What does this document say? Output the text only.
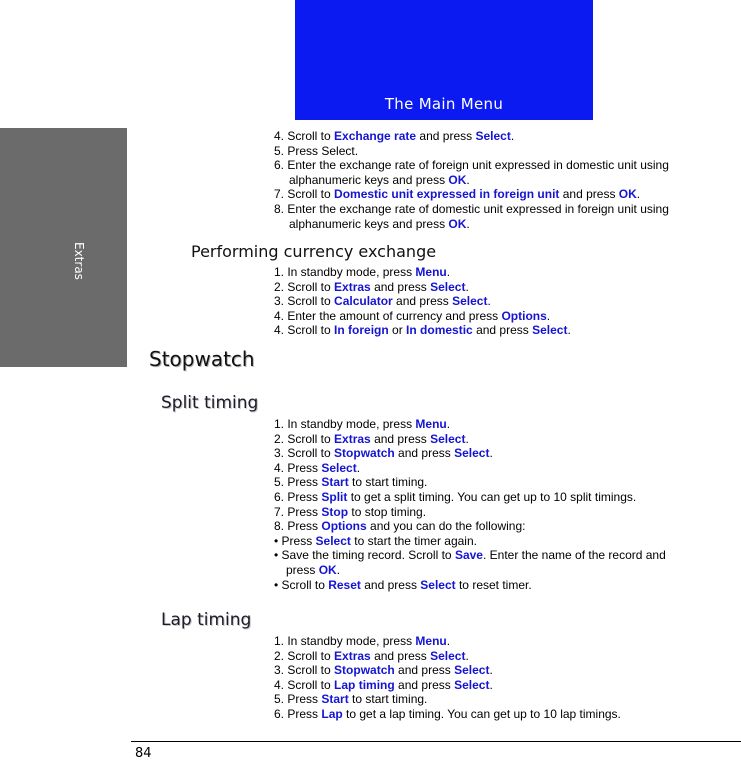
The Main Menu
Extras	Performing currency exchange
Stopwatch
Split timing
Lap timing
84
4. Scroll to Exchange rate and press Select.
5. Press Select.
6. Enter the exchange rate of foreign unit expressed in domestic unit using
alphanumeric keys and press OK.
7. Scroll to Domestic unit expressed in foreign unit and press OK.
8. Enter the exchange rate of domestic unit expressed in foreign unit using
alphanumeric keys and press OK.
1. In standby mode, press Menu.
2. Scroll to Extras and press Select.
3. Scroll to Calculator and press Select.
4. Enter the amount of currency and press Options.
4. Scroll to In foreign or In domestic and press Select.
1. In standby mode, press Menu.
2. Scroll to Extras and press Select.
3. Scroll to Stopwatch and press Select.
4. Press Select.
5. Press Start to start timing.
6. Press Split to get a split timing. You can get up to 10 split timings.
7. Press Stop to stop timing.
8. Press Options and you can do the following:
• Press Select to start the timer again.
• Save the timing record. Scroll to Save. Enter the name of the record and
press OK.
• Scroll to Reset and press Select to reset timer.
1. In standby mode, press Menu.
2. Scroll to Extras and press Select.
3. Scroll to Stopwatch and press Select.
4. Scroll to Lap timing and press Select.
5. Press Start to start timing.
6. Press Lap to get a lap timing. You can get up to 10 lap timings.
